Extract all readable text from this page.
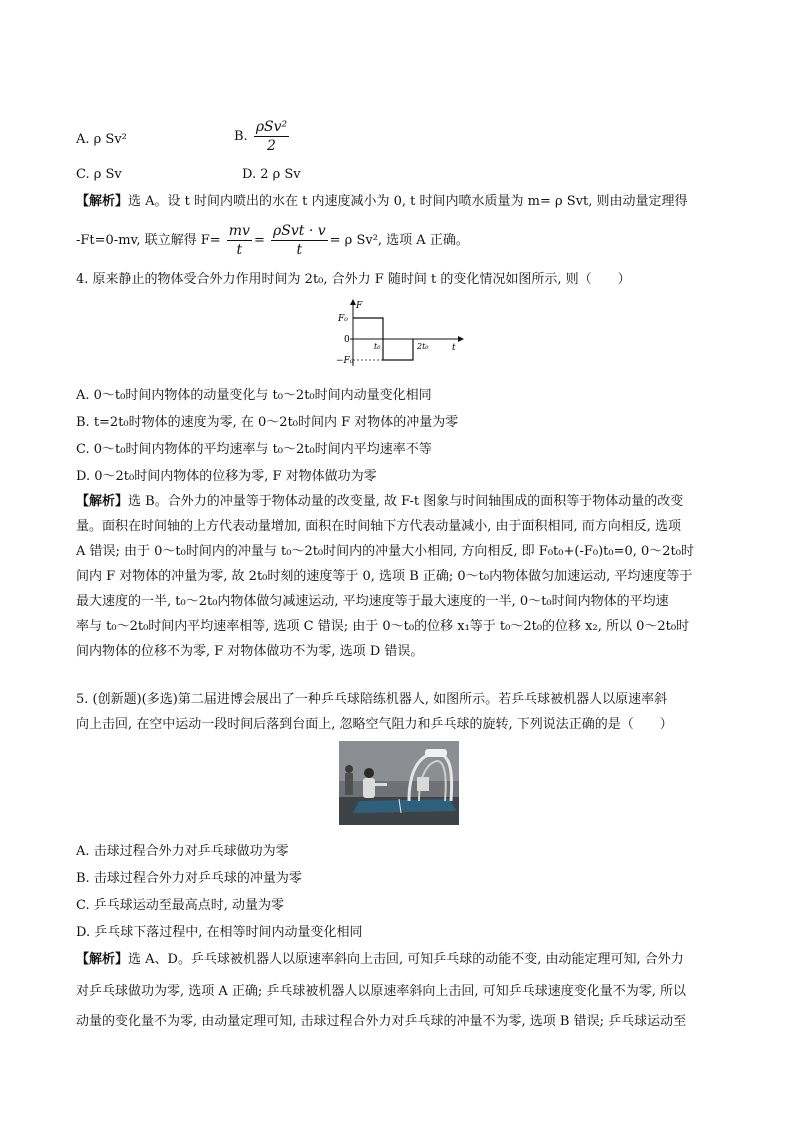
A. ρ Sv²	B. $\frac{\text{ρSv²}}{2}$
C. ρ Sv	D. 2 ρ Sv
【解析】选 A。设 t 时间内喷出的水在 t 内速度减小为 0, t 时间内喷水质量为 m= ρ Svt, 则由动量定理得
-Ft=0-mv, 联立解得 $F= \frac{mv}{t} = \frac{\text{ρSvt · v}}{t} = \rho$ Sv², 选项 A 正确。
4. 原来静止的物体受合外力作用时间为 2t₀, 合外力 F 随时间 t 的变化情况如图所示, 则（　　）
F
F₀
0
−F₀
t₀	2t₀	t
A. 0～t₀时间内物体的动量变化与 t₀～2t₀时间内动量变化相同
B. t=2t₀时物体的速度为零, 在 0～2t₀时间内 F 对物体的冲量为零
C. 0～t₀时间内物体的平均速率与 t₀～2t₀时间内平均速率不等
D. 0～2t₀时间内物体的位移为零, F 对物体做功为零
【解析】选 B。合外力的冲量等于物体动量的改变量, 故 F-t 图象与时间轴围成的面积等于物体动量的改变
量。面积在时间轴的上方代表动量增加, 面积在时间轴下方代表动量减小, 由于面积相同, 而方向相反, 选项
A 错误; 由于 0～t₀时间内的冲量与 t₀～2t₀时间内的冲量大小相同, 方向相反, 即 F₀t₀+(-F₀)t₀=0, 0～2t₀时
间内 F 对物体的冲量为零, 故 2t₀时刻的速度等于 0, 选项 B 正确; 0～t₀内物体做匀加速运动, 平均速度等于
最大速度的一半, t₀～2t₀内物体做匀减速运动, 平均速度等于最大速度的一半, 0～t₀时间内物体的平均速
率与 t₀～2t₀时间内平均速率相等, 选项 C 错误; 由于 0～t₀的位移 x₁等于 t₀～2t₀的位移 x₂, 所以 0～2t₀时
间内物体的位移不为零, F 对物体做功不为零, 选项 D 错误。
5. (创新题)(多选)第二届进博会展出了一种乒乓球陪练机器人, 如图所示。若乒乓球被机器人以原速率斜
向上击回, 在空中运动一段时间后落到台面上, 忽略空气阻力和乒乓球的旋转, 下列说法正确的是（　　）
A. 击球过程合外力对乒乓球做功为零
B. 击球过程合外力对乒乓球的冲量为零
C. 乒乓球运动至最高点时, 动量为零
D. 乒乓球下落过程中, 在相等时间内动量变化相同
【解析】选 A、D。乒乓球被机器人以原速率斜向上击回, 可知乒乓球的动能不变, 由动能定理可知, 合外力
对乒乓球做功为零, 选项 A 正确; 乒乓球被机器人以原速率斜向上击回, 可知乒乓球速度变化量不为零, 所以
动量的变化量不为零, 由动量定理可知, 击球过程合外力对乒乓球的冲量不为零, 选项 B 错误; 乒乓球运动至
